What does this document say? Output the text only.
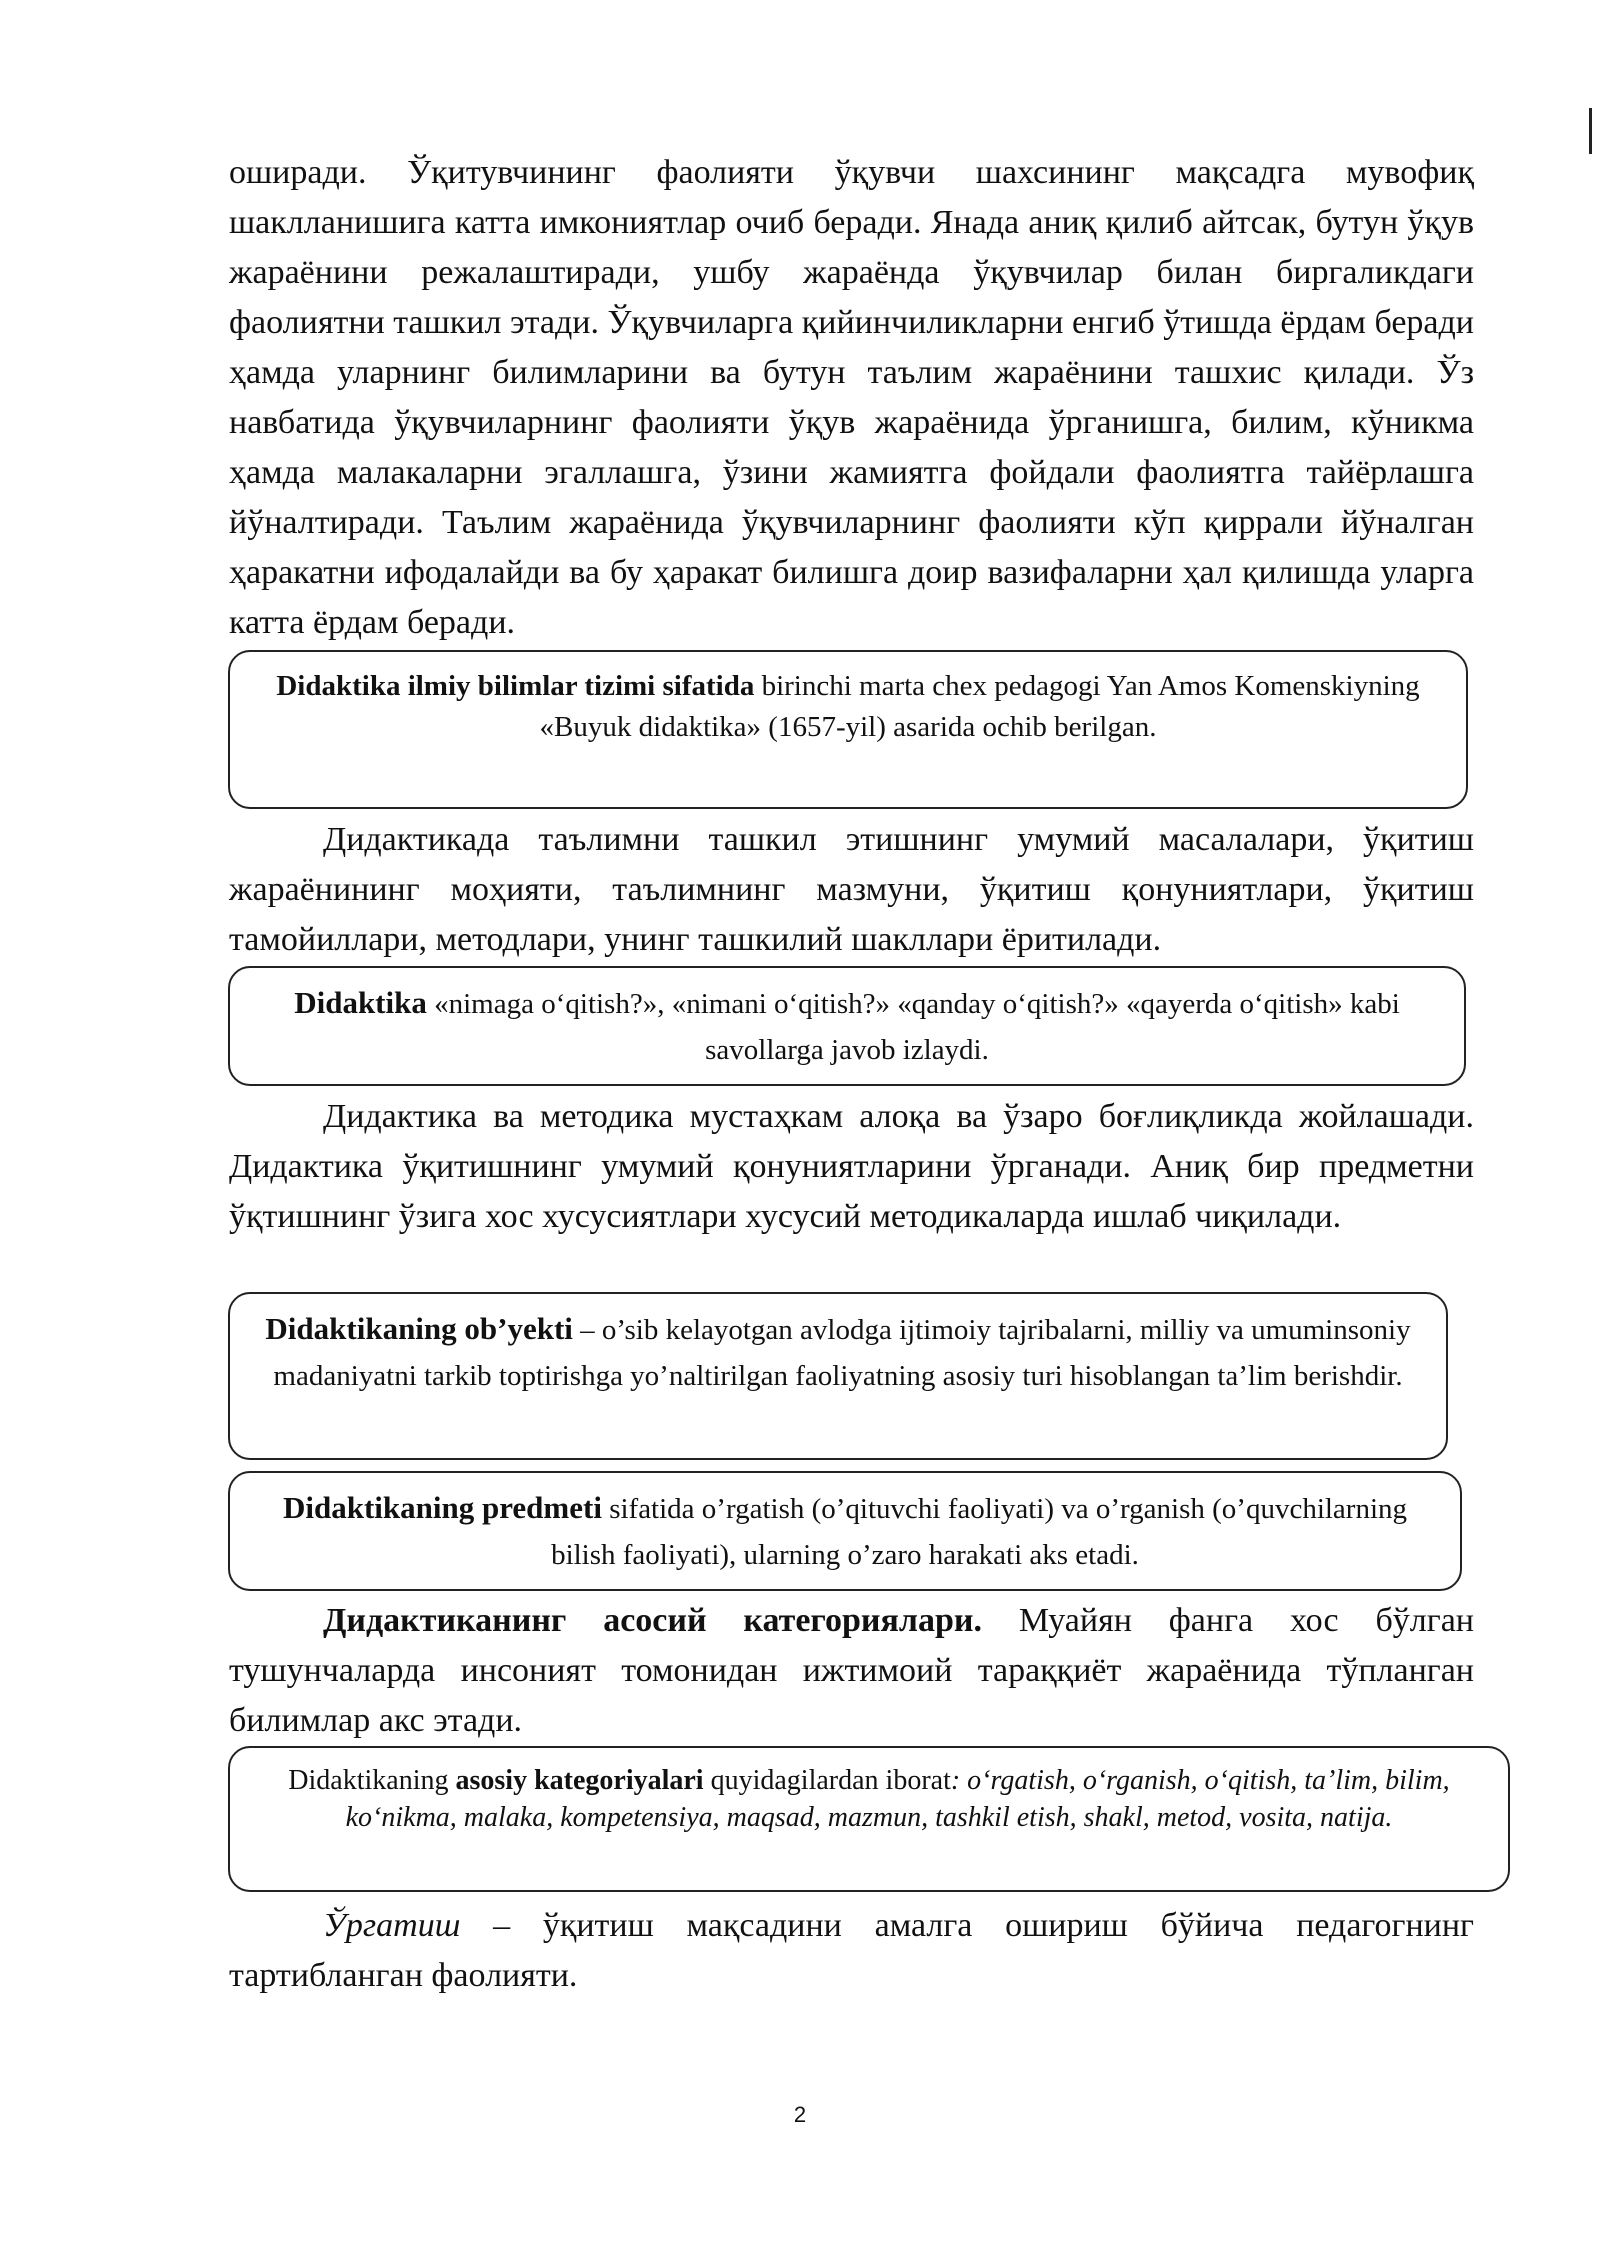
оширади. Ўқитувчининг фаолияти ўқувчи шахсининг мақсадга мувофиқ шаклланишига катта имкониятлар очиб беради. Янада аниқ қилиб айтсак, бутун ўқув жараёнини режалаштиради, ушбу жараёнда ўқувчилар билан биргаликдаги фаолиятни ташкил этади. Ўқувчиларга қийинчиликларни енгиб ўтишда ёрдам беради ҳамда уларнинг билимларини ва бутун таълим жараёнини ташхис қилади. Ўз навбатида ўқувчиларнинг фаолияти ўқув жараёнида ўрганишга, билим, кўникма ҳамда малакаларни эгаллашга, ўзини жамиятга фойдали фаолиятга тайёрлашга йўналтиради. Таълим жараёнида ўқувчиларнинг фаолияти кўп қиррали йўналган ҳаракатни ифодалайди ва бу ҳаракат билишга доир вазифаларни ҳал қилишда уларга катта ёрдам беради.

Didaktika ilmiy bilimlar tizimi sifatida birinchi marta chex pedagogi Yan Amos Komenskiyning «Buyuk didaktika» (1657-yil) asarida ochib berilgan.

Дидактикада таълимни ташкил этишнинг умумий масалалари, ўқитиш жараёнининг моҳияти, таълимнинг мазмуни, ўқитиш қонуниятлари, ўқитиш тамойиллари, методлари, унинг ташкилий шакллари ёритилади.

Didaktika «nimaga o‘qitish?», «nimani o‘qitish?» «qanday o‘qitish?» «qayerda o‘qitish» kabi savollarga javob izlaydi.

Дидактика ва методика мустаҳкам алоқа ва ўзаро боғлиқликда жойлашади. Дидактика ўқитишнинг умумий қонуниятларини ўрганади. Аниқ бир предметни ўқтишнинг ўзига хос хусусиятлари хусусий методикаларда ишлаб чиқилади.

Didaktikaning ob’yekti – o’sib kelayotgan avlodga ijtimoiy tajribalarni, milliy va umuminsoniy madaniyatni tarkib toptirishga yo’naltirilgan faoliyatning asosiy turi hisoblangan ta’lim berishdir.
Didaktikaning predmeti sifatida o’rgatish (o’qituvchi faoliyati) va o’rganish (o’quvchilarning bilish faoliyati), ularning o’zaro harakati aks etadi.

Дидактиканинг асосий категориялари. Муайян фанга хос бўлган тушунчаларда инсоният томонидан ижтимоий тараққиёт жараёнида тўпланган билимлар акс этади.

Didaktikaning asosiy kategoriyalari quyidagilardan iborat: o‘rgatish, o‘rganish, o‘qitish, ta’lim, bilim, ko‘nikma, malaka, kompetensiya, maqsad, mazmun, tashkil etish, shakl, metod, vosita, natija.

Ўргатиш – ўқитиш мақсадини амалга ошириш бўйича педагогнинг тартибланган фаолияти.

2
